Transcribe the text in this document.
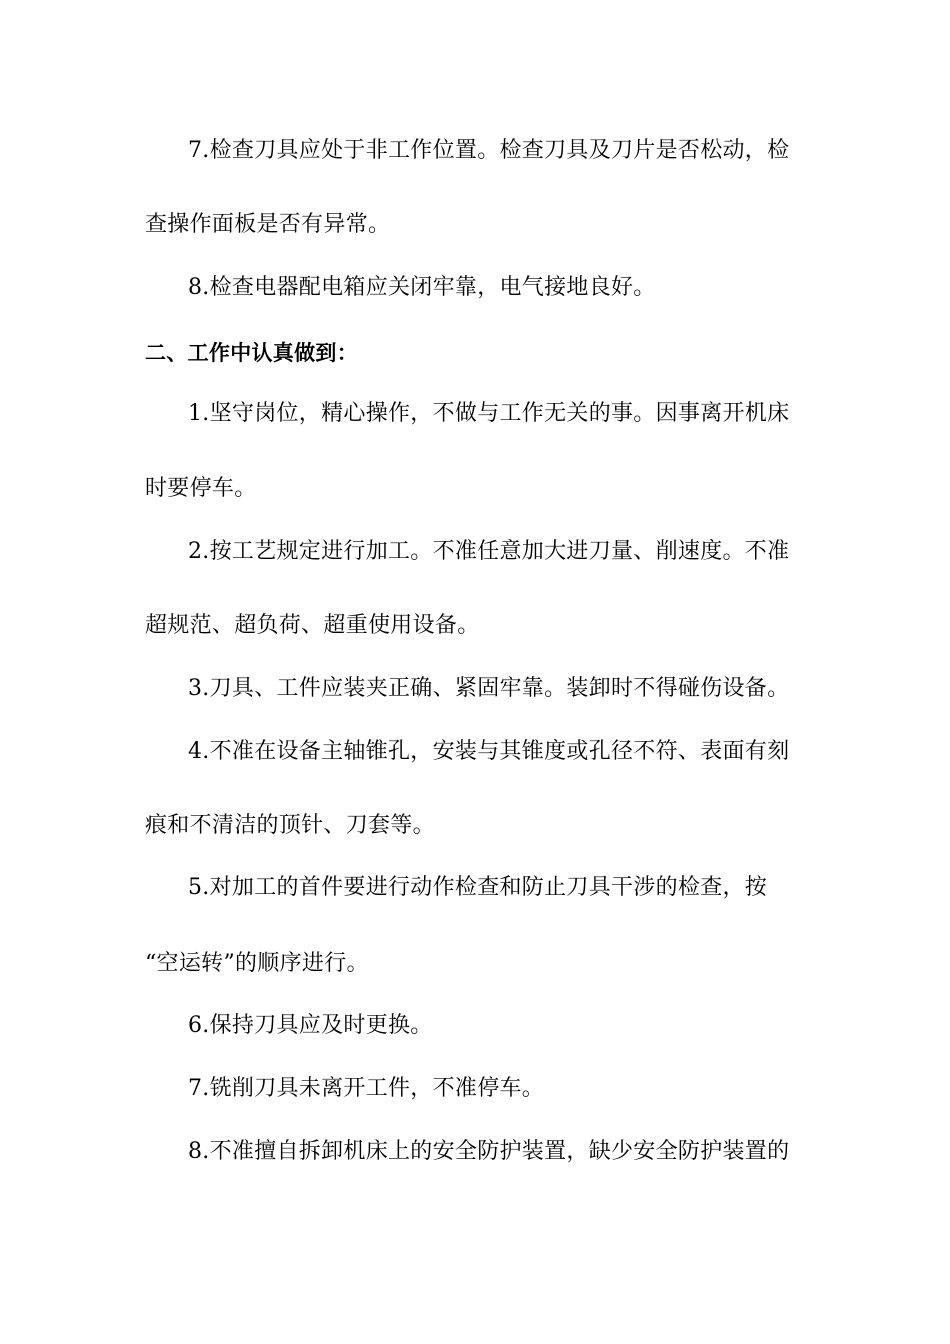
7.检查刀具应处于非工作位置。检查刀具及刀片是否松动，检
查操作面板是否有异常。
8.检查电器配电箱应关闭牢靠，电气接地良好。
二、工作中认真做到：
1.坚守岗位，精心操作，不做与工作无关的事。因事离开机床
时要停车。
2.按工艺规定进行加工。不准任意加大进刀量、削速度。不准
超规范、超负荷、超重使用设备。
3.刀具、工件应装夹正确、紧固牢靠。装卸时不得碰伤设备。
4.不准在设备主轴锥孔，安装与其锥度或孔径不符、表面有刻
痕和不清洁的顶针、刀套等。
5.对加工的首件要进行动作检查和防止刀具干涉的检查，按
“空运转”的顺序进行。
6.保持刀具应及时更换。
7.铣削刀具未离开工件，不准停车。
8.不准擅自拆卸机床上的安全防护装置，缺少安全防护装置的
